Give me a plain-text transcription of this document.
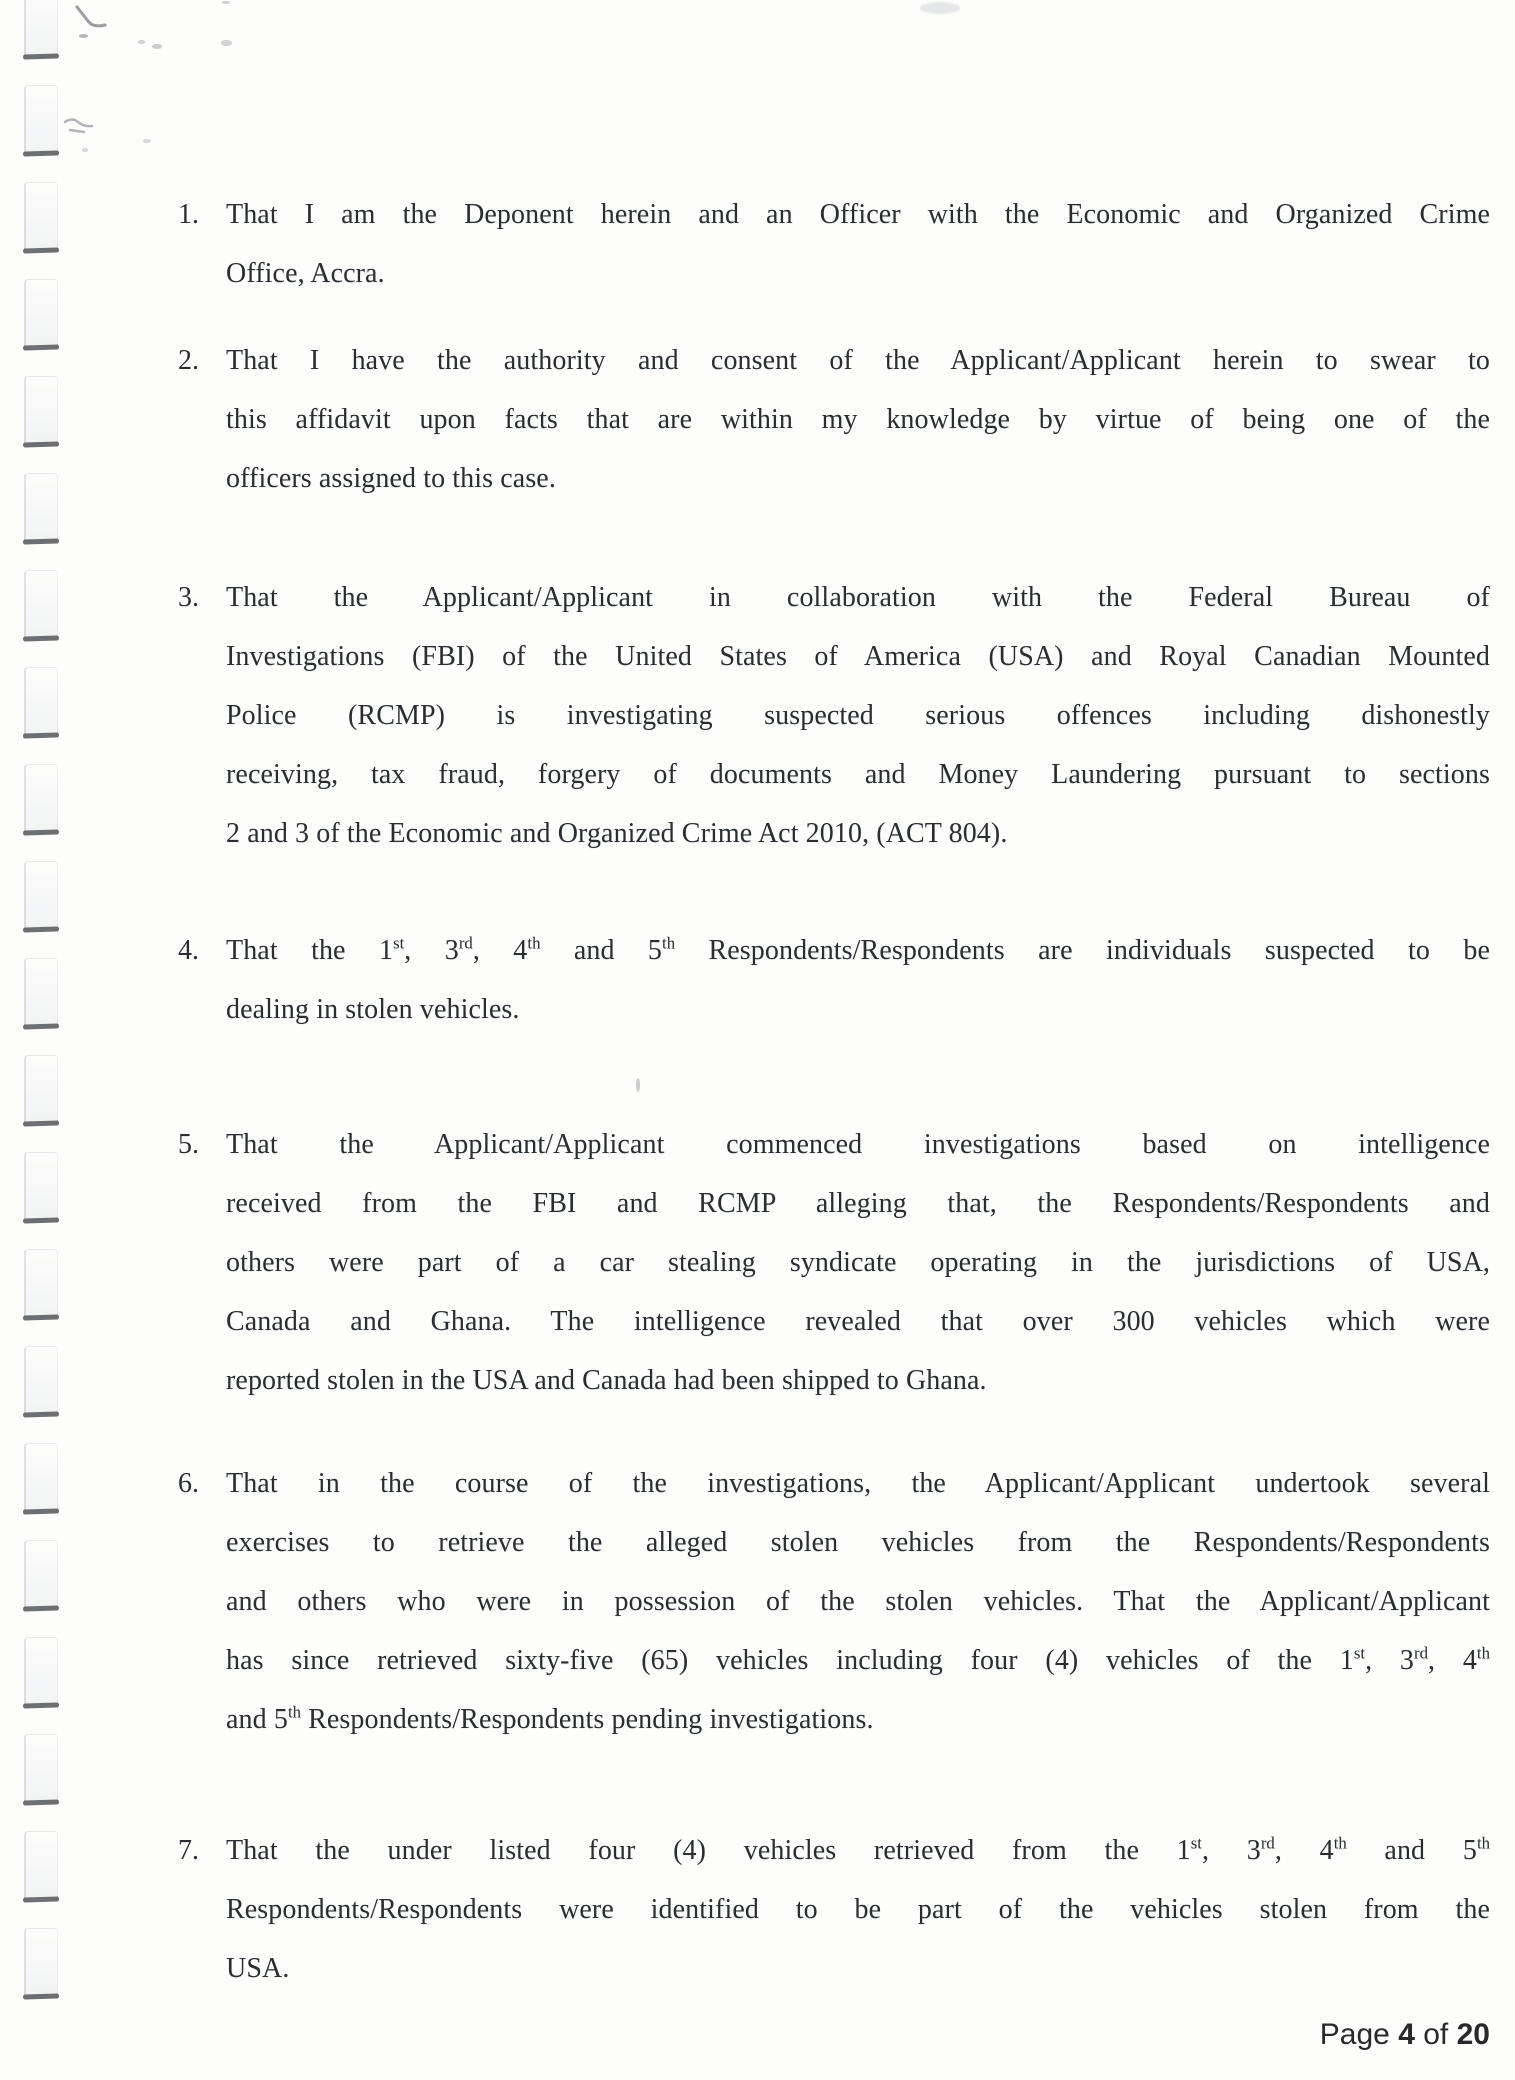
1. That I am the Deponent herein and an Officer with the Economic and Organized Crime
Office, Accra.
2. That I have the authority and consent of the Applicant/Applicant herein to swear to
this affidavit upon facts that are within my knowledge by virtue of being one of the
officers assigned to this case.
3. That the Applicant/Applicant in collaboration with the Federal Bureau of
Investigations (FBI) of the United States of America (USA) and Royal Canadian Mounted
Police (RCMP) is investigating suspected serious offences including dishonestly
receiving, tax fraud, forgery of documents and Money Laundering pursuant to sections
2 and 3 of the Economic and Organized Crime Act 2010, (ACT 804).
4. That the 1st, 3rd, 4th and 5th Respondents/Respondents are individuals suspected to be
dealing in stolen vehicles.
5. That the Applicant/Applicant commenced investigations based on intelligence
received from the FBI and RCMP alleging that, the Respondents/Respondents and
others were part of a car stealing syndicate operating in the jurisdictions of USA,
Canada and Ghana. The intelligence revealed that over 300 vehicles which were
reported stolen in the USA and Canada had been shipped to Ghana.
6. That in the course of the investigations, the Applicant/Applicant undertook several
exercises to retrieve the alleged stolen vehicles from the Respondents/Respondents
and others who were in possession of the stolen vehicles. That the Applicant/Applicant
has since retrieved sixty-five (65) vehicles including four (4) vehicles of the 1st, 3rd, 4th
and 5th Respondents/Respondents pending investigations.
7. That the under listed four (4) vehicles retrieved from the 1st, 3rd, 4th and 5th
Respondents/Respondents were identified to be part of the vehicles stolen from the
USA.
Page 4 of 20
